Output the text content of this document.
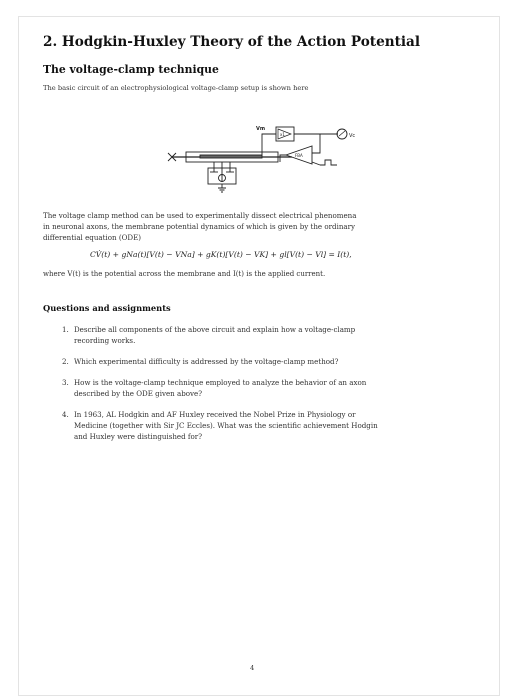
2. Hodgkin-Huxley Theory of the Action Potential
The voltage-clamp technique
The basic circuit of an electrophysiological voltage-clamp setup is shown here
Vm
x1	Vc
FBA
The voltage clamp method can be used to experimentally dissect electrical phenomena
in neuronal axons, the membrane potential dynamics of which is given by the ordinary
differential equation (ODE)
CV̇(t) + gNa(t)[V(t) − VNa] + gK(t)[V(t) − VK] + gl[V(t) − Vl] = I(t),
where V(t) is the potential across the membrane and I(t) is the applied current.
Questions and assignments
1. Describe all components of the above circuit and explain how a voltage-clamp
recording works.
2. Which experimental difficulty is addressed by the voltage-clamp method?
3. How is the voltage-clamp technique employed to analyze the behavior of an axon
described by the ODE given above?
4. In 1963, AL Hodgkin and AF Huxley received the Nobel Prize in Physiology or
Medicine (together with Sir JC Eccles). What was the scientific achievement Hodgin
and Huxley were distinguished for?
4
